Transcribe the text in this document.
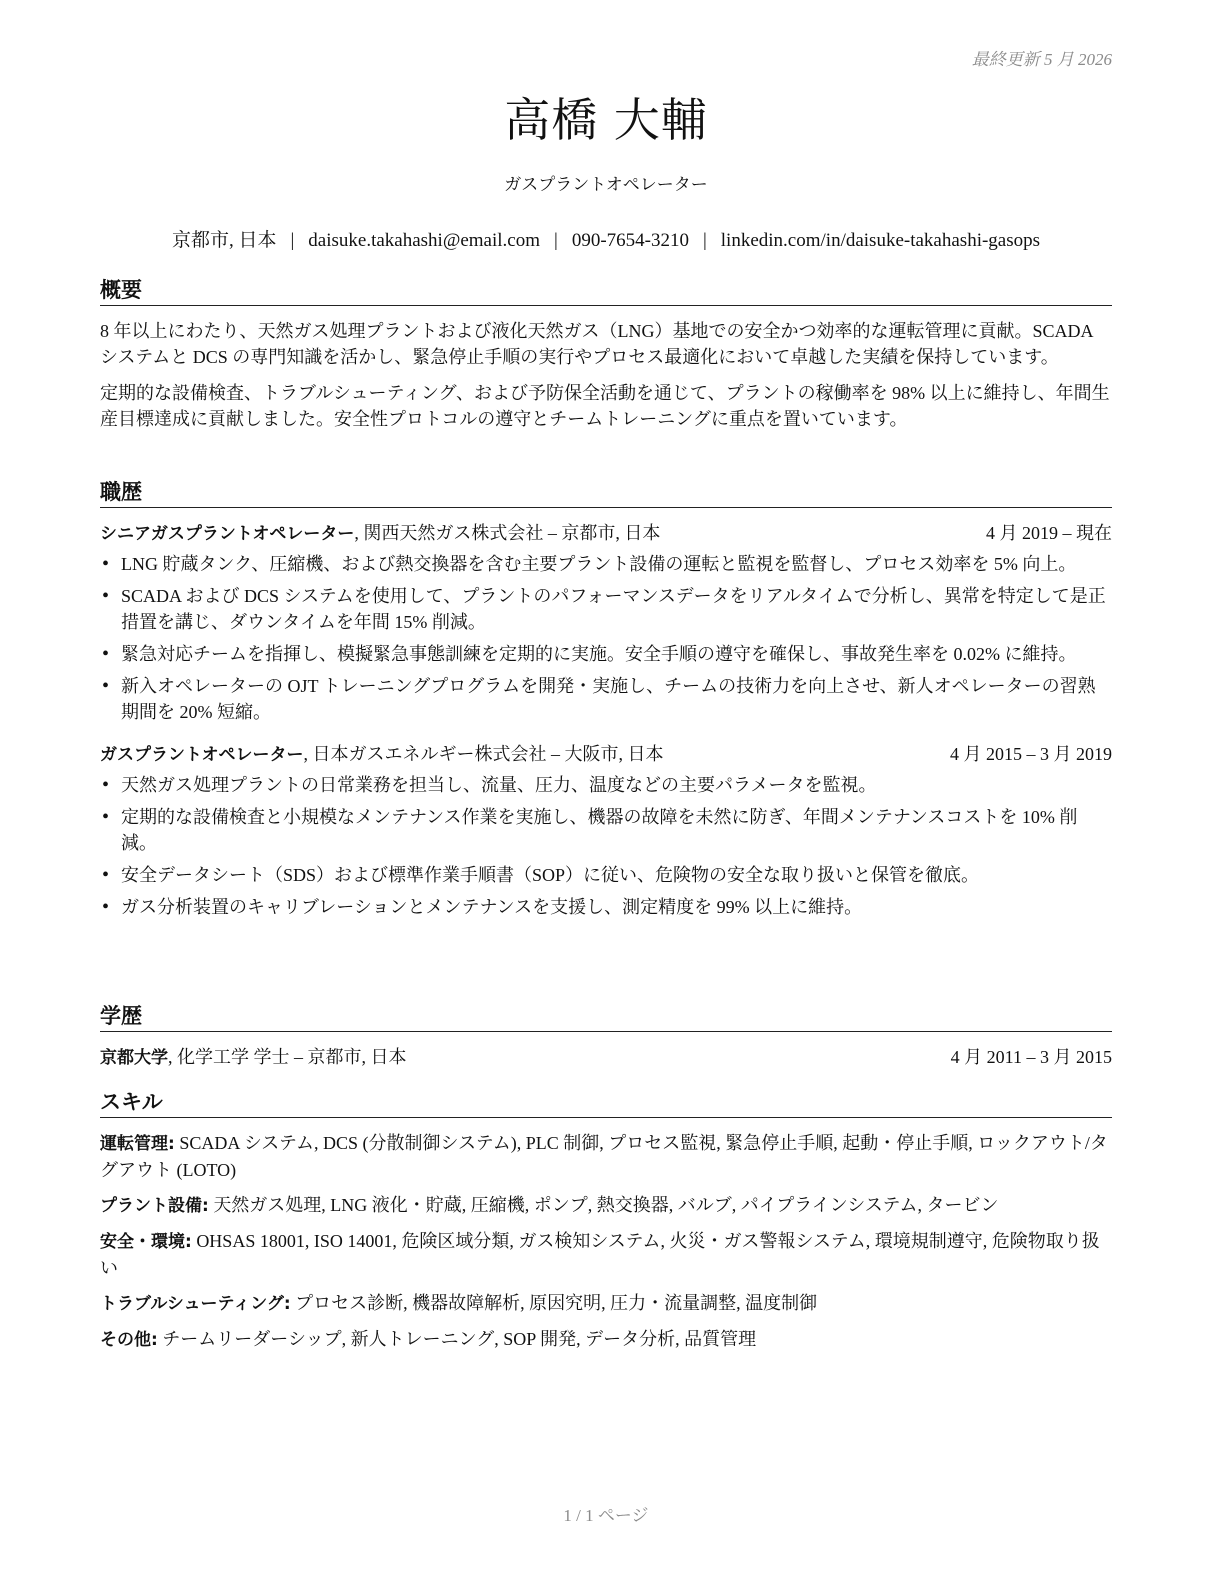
最終更新 5 月 2026
高橋 大輔
ガスプラントオペレーター
京都市, 日本 | daisuke.takahashi@email.com | 090-7654-3210 | linkedin.com/in/daisuke-takahashi-gasops
概要

8 年以上にわたり、天然ガス処理プラントおよび液化天然ガス（LNG）基地での安全かつ効率的な運転管理に貢献。SCADA システムと DCS の専門知識を活かし、緊急停止手順の実行やプロセス最適化において卓越した実績を保持しています。

定期的な設備検査、トラブルシューティング、および予防保全活動を通じて、プラントの稼働率を 98% 以上に維持し、年間生産目標達成に貢献しました。安全性プロトコルの遵守とチームトレーニングに重点を置いています。

職歴
シニアガスプラントオペレーター, 関西天然ガス株式会社 – 京都市, 日本	4 月 2019 – 現在
• LNG 貯蔵タンク、圧縮機、および熱交換器を含む主要プラント設備の運転と監視を監督し、プロセス効率を 5% 向上。
• SCADA および DCS システムを使用して、プラントのパフォーマンスデータをリアルタイムで分析し、異常を特定して是正措置を講じ、ダウンタイムを年間 15% 削減。
• 緊急対応チームを指揮し、模擬緊急事態訓練を定期的に実施。安全手順の遵守を確保し、事故発生率を 0.02% に維持。
• 新入オペレーターの OJT トレーニングプログラムを開発・実施し、チームの技術力を向上させ、新人オペレーターの習熟期間を 20% 短縮。
ガスプラントオペレーター, 日本ガスエネルギー株式会社 – 大阪市, 日本	4 月 2015 – 3 月 2019
• 天然ガス処理プラントの日常業務を担当し、流量、圧力、温度などの主要パラメータを監視。
• 定期的な設備検査と小規模なメンテナンス作業を実施し、機器の故障を未然に防ぎ、年間メンテナンスコストを 10% 削減。
• 安全データシート（SDS）および標準作業手順書（SOP）に従い、危険物の安全な取り扱いと保管を徹底。
• ガス分析装置のキャリブレーションとメンテナンスを支援し、測定精度を 99% 以上に維持。
学歴
京都大学, 化学工学 学士 – 京都市, 日本	4 月 2011 – 3 月 2015
スキル
運転管理: SCADA システム, DCS (分散制御システム), PLC 制御, プロセス監視, 緊急停止手順, 起動・停止手順, ロックアウト/タグアウト (LOTO)
プラント設備: 天然ガス処理, LNG 液化・貯蔵, 圧縮機, ポンプ, 熱交換器, バルブ, パイプラインシステム, タービン
安全・環境: OHSAS 18001, ISO 14001, 危険区域分類, ガス検知システム, 火災・ガス警報システム, 環境規制遵守, 危険物取り扱い
トラブルシューティング: プロセス診断, 機器故障解析, 原因究明, 圧力・流量調整, 温度制御
その他: チームリーダーシップ, 新人トレーニング, SOP 開発, データ分析, 品質管理
1 / 1 ページ
